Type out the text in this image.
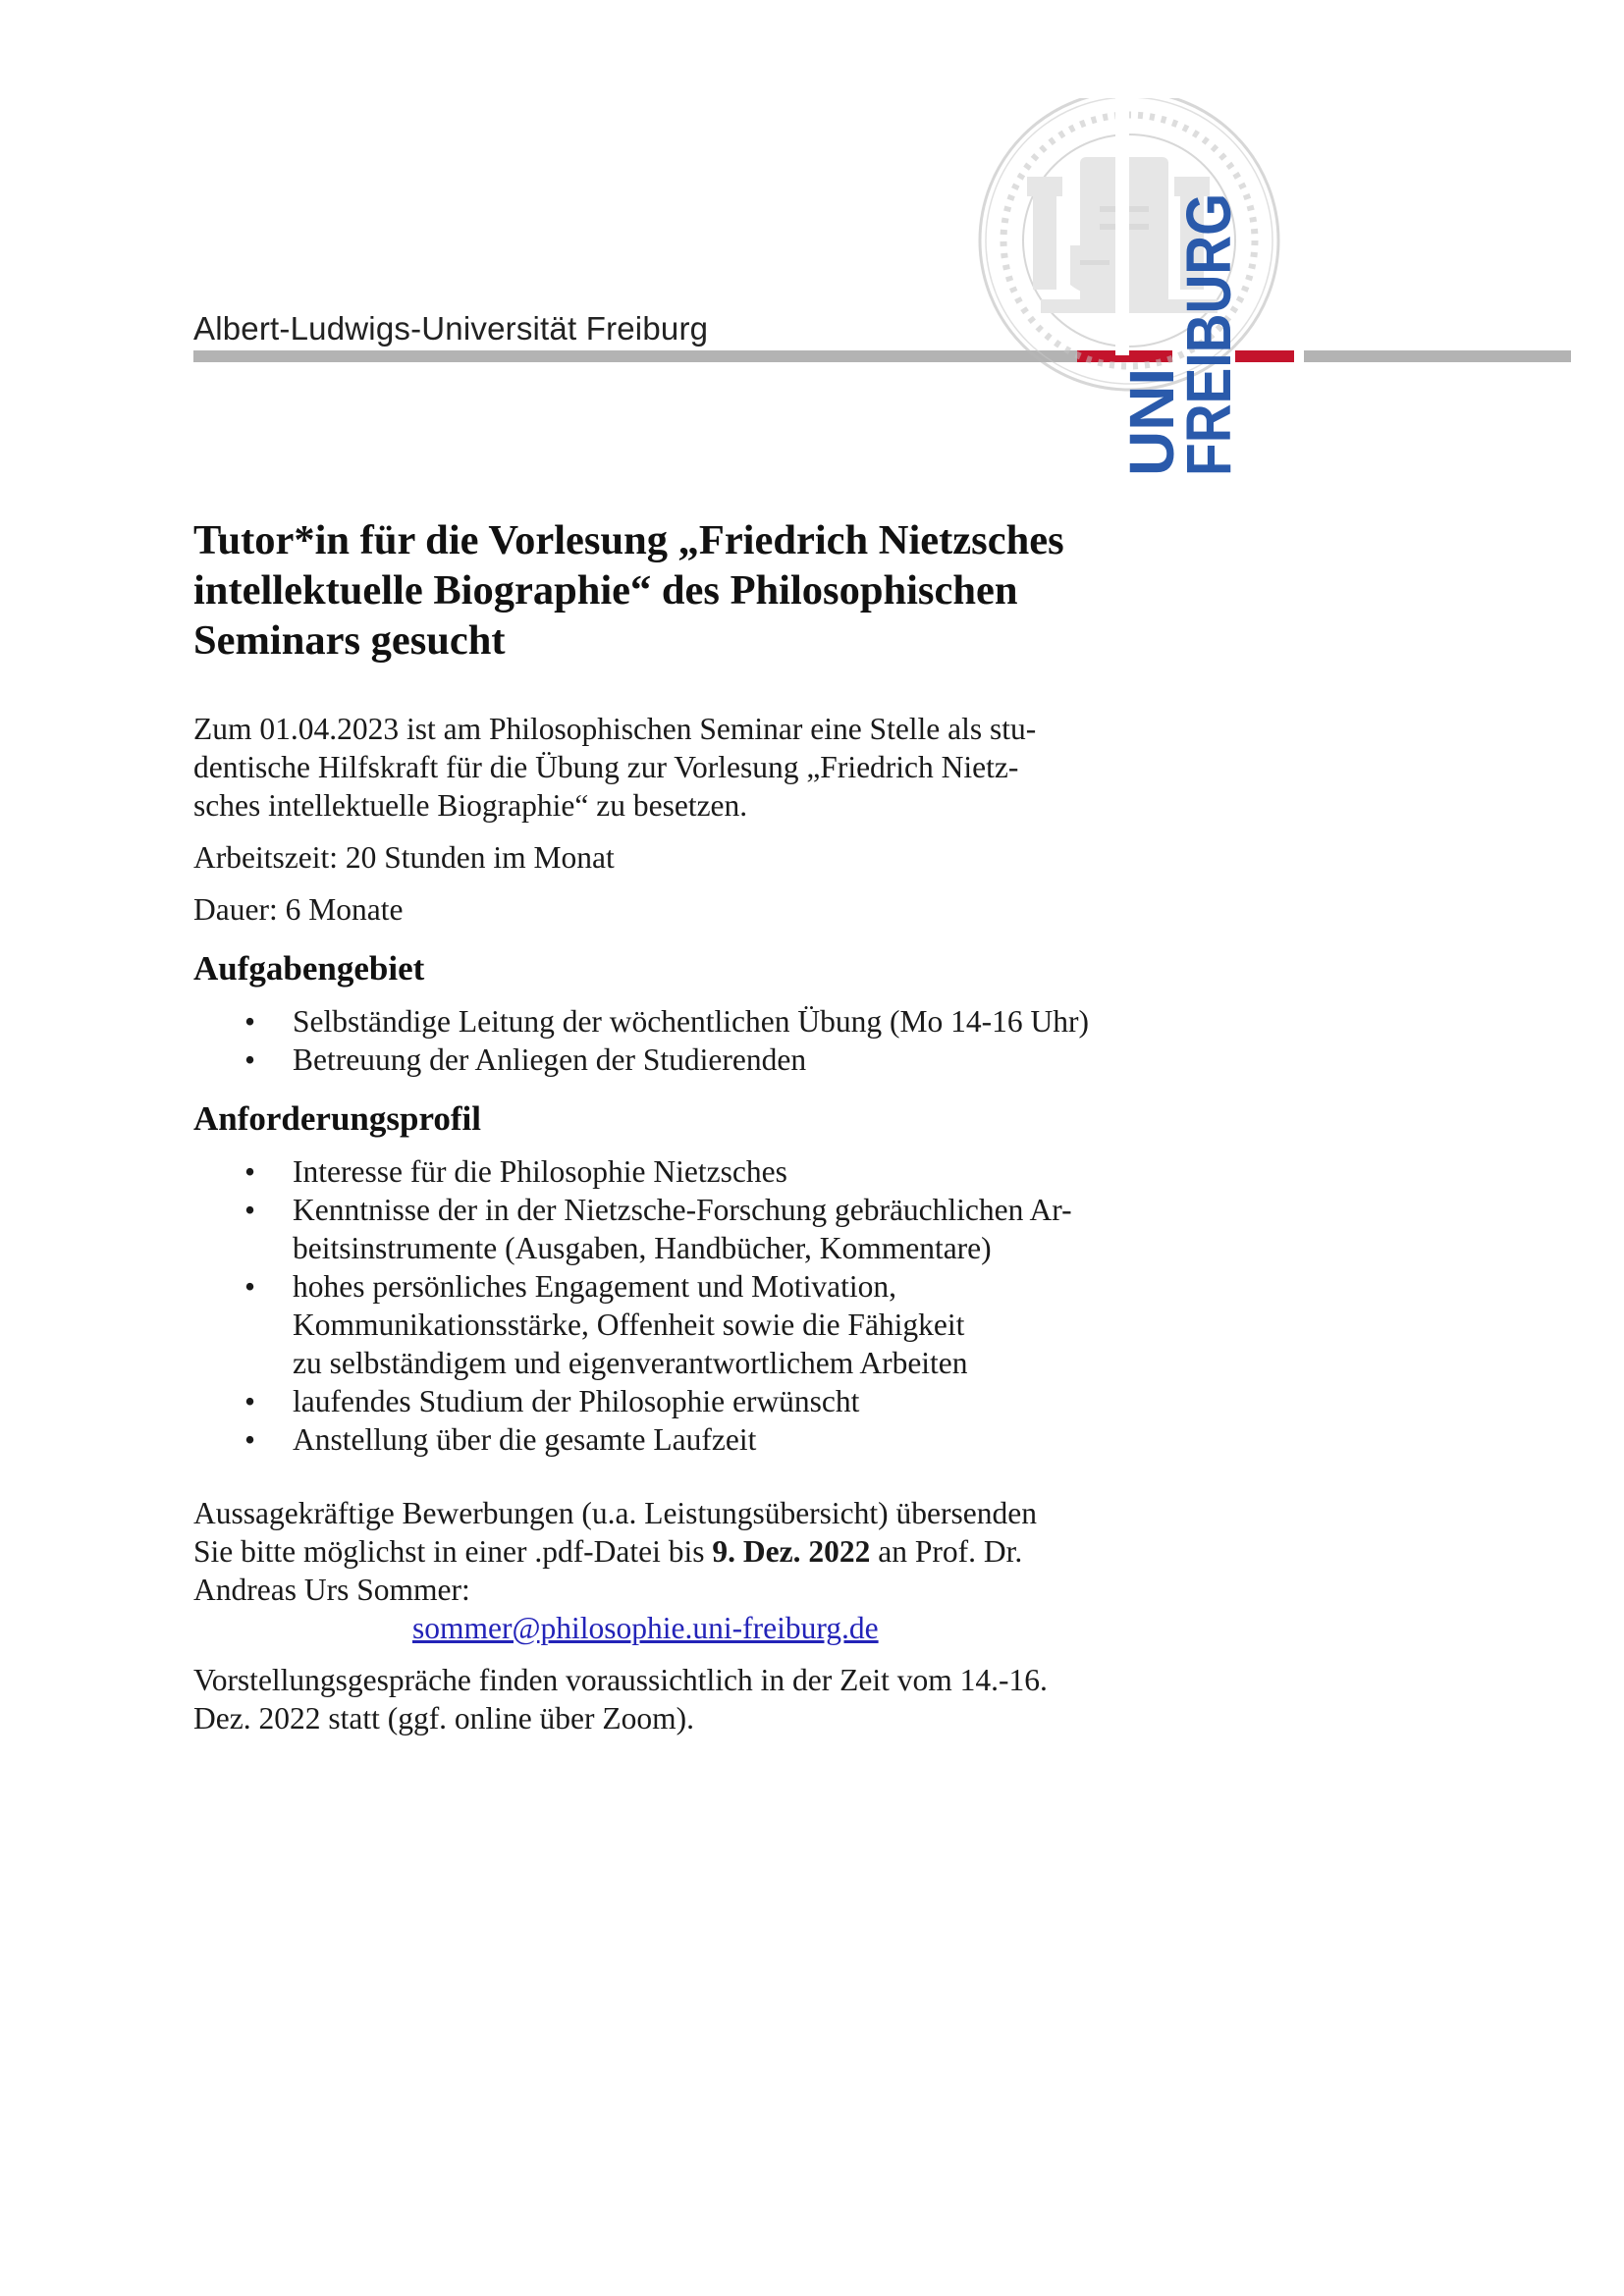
Albert-Ludwigs-Universität Freiburg
UNI
FREIBURG
Tutor*in für die Vorlesung „Friedrich Nietzsches
intellektuelle Biographie“ des Philosophischen
Seminars gesucht

Zum 01.04.2023 ist am Philosophischen Seminar eine Stelle als stu-

dentische Hilfskraft für die Übung zur Vorlesung „Friedrich Nietz-

sches intellektuelle Biographie“ zu besetzen.

Arbeitszeit: 20 Stunden im Monat

Dauer: 6 Monate

Aufgabengebiet
• Selbständige Leitung der wöchentlichen Übung (Mo 14-16 Uhr)
• Betreuung der Anliegen der Studierenden
Anforderungsprofil
• Interesse für die Philosophie Nietzsches
• Kenntnisse der in der Nietzsche-Forschung gebräuchlichen Ar-
beitsinstrumente (Ausgaben, Handbücher, Kommentare)
• hohes persönliches Engagement und Motivation,
Kommunikationsstärke, Offenheit sowie die Fähigkeit
zu selbständigem und eigenverantwortlichem Arbeiten
• laufendes Studium der Philosophie erwünscht
• Anstellung über die gesamte Laufzeit

Aussagekräftige Bewerbungen (u.a. Leistungsübersicht) übersenden

Sie bitte möglichst in einer .pdf-Datei bis 9. Dez. 2022 an Prof. Dr.

Andreas Urs Sommer:

sommer@philosophie.uni-freiburg.de

Vorstellungsgespräche finden voraussichtlich in der Zeit vom 14.-16.

Dez. 2022 statt (ggf. online über Zoom).
